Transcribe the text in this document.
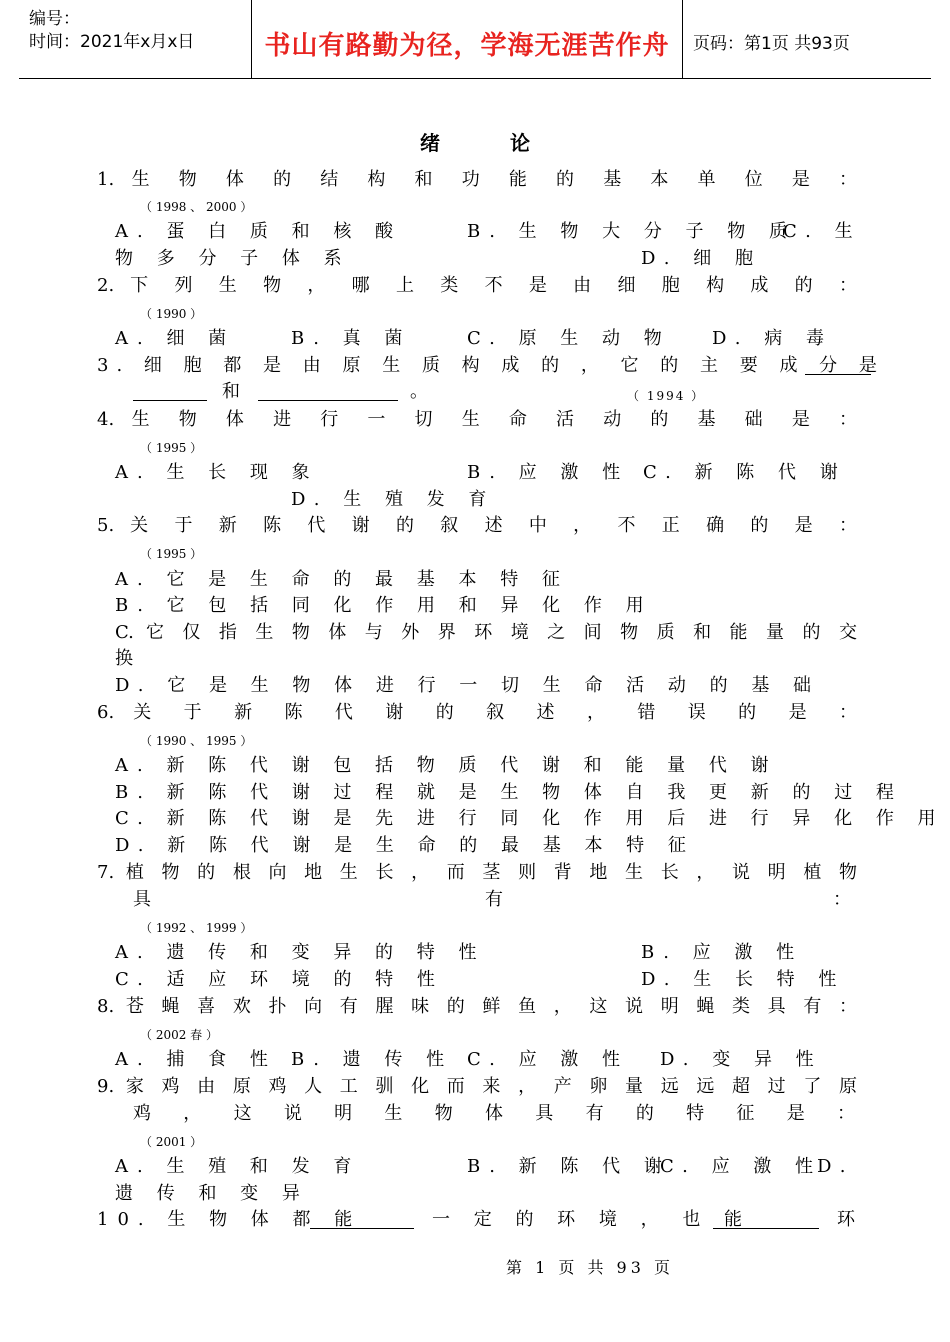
编号：
时间：2021年x月x日	书山有路勤为径，学海无涯苦作舟	页码：第1页 共93页
绪论
1. 生 物 体 的 结 构 和 功 能 的 基 本 单 位 是 ：
（ 1998 、 2000 ）
A. 蛋 白 质 和 核 酸	B. 生 物 大 分 子 物 质
C. 生
物 多 分 子 体 系	D. 细 胞
2. 下 列 生 物 ， 哪 上 类 不 是 由 细 胞 构 成 的 ：
（ 1990 ）
A. 细 菌	B. 真 菌	C. 原 生 动 物 D. 病 毒
3. 细 胞 都 是 由 原 生 质 构 成 的 ， 它 的 主 要 成 分 是
和	。	（ 1994 ）
4. 生 物 体 进 行 一 切 生 命 活 动 的 基 础 是 ：
（ 1995 ）
A. 生 长 现 象	B. 应 激 性 C. 新 陈 代 谢
D. 生 殖 发 育
5. 关 于 新 陈 代 谢 的 叙 述 中 ， 不 正 确 的 是 ：
（ 1995 ）
A. 它 是 生 命 的 最 基 本 特 征
B. 它 包 括 同 化 作 用 和 异 化 作 用
C. 它 仅 指 生 物 体 与 外 界 环 境 之 间 物 质 和 能 量 的 交
换
D. 它 是 生 物 体 进 行 一 切 生 命 活 动 的 基 础
6. 关 于 新 陈 代 谢 的 叙 述 ， 错 误 的 是 ：
（ 1990 、 1995 ）
A. 新 陈 代 谢 包 括 物 质 代 谢 和 能 量 代 谢
B. 新 陈 代 谢 过 程 就 是 生 物 体 自 我 更 新 的 过 程
C. 新 陈 代 谢 是 先 进 行 同 化 作 用 后 进 行 异 化 作 用
D. 新 陈 代 谢 是 生 命 的 最 基 本 特 征
7. 植 物 的 根 向 地 生 长 ， 而 茎 则 背 地 生 长 ， 说 明 植 物
具	有	：
（ 1992 、 1999 ）
A. 遗 传 和 变 异 的 特 性	B. 应 激 性
C. 适 应 环 境 的 特 性	D. 生 长 特 性
8. 苍 蝇 喜 欢 扑 向 有 腥 味 的 鲜 鱼 ， 这 说 明 蝇 类 具 有 ：
（ 2002 春 ）
A. 捕 食 性 B. 遗 传 性 C. 应 激 性 D. 变 异 性
9. 家 鸡 由 原 鸡 人 工 驯 化 而 来 ， 产 卵 量 远 远 超 过 了 原
鸡 ， 这 说 明 生 物 体 具 有 的 特 征 是 ：
（ 2001 ）
A. 生 殖 和 发 育	B. 新 陈 代 谢
C. 应 激 性
D.
遗 传 和 变 异
10. 生 物 体 都 能	一 定 的 环 境 ， 也 能	环
第 1 页 共 93 页
